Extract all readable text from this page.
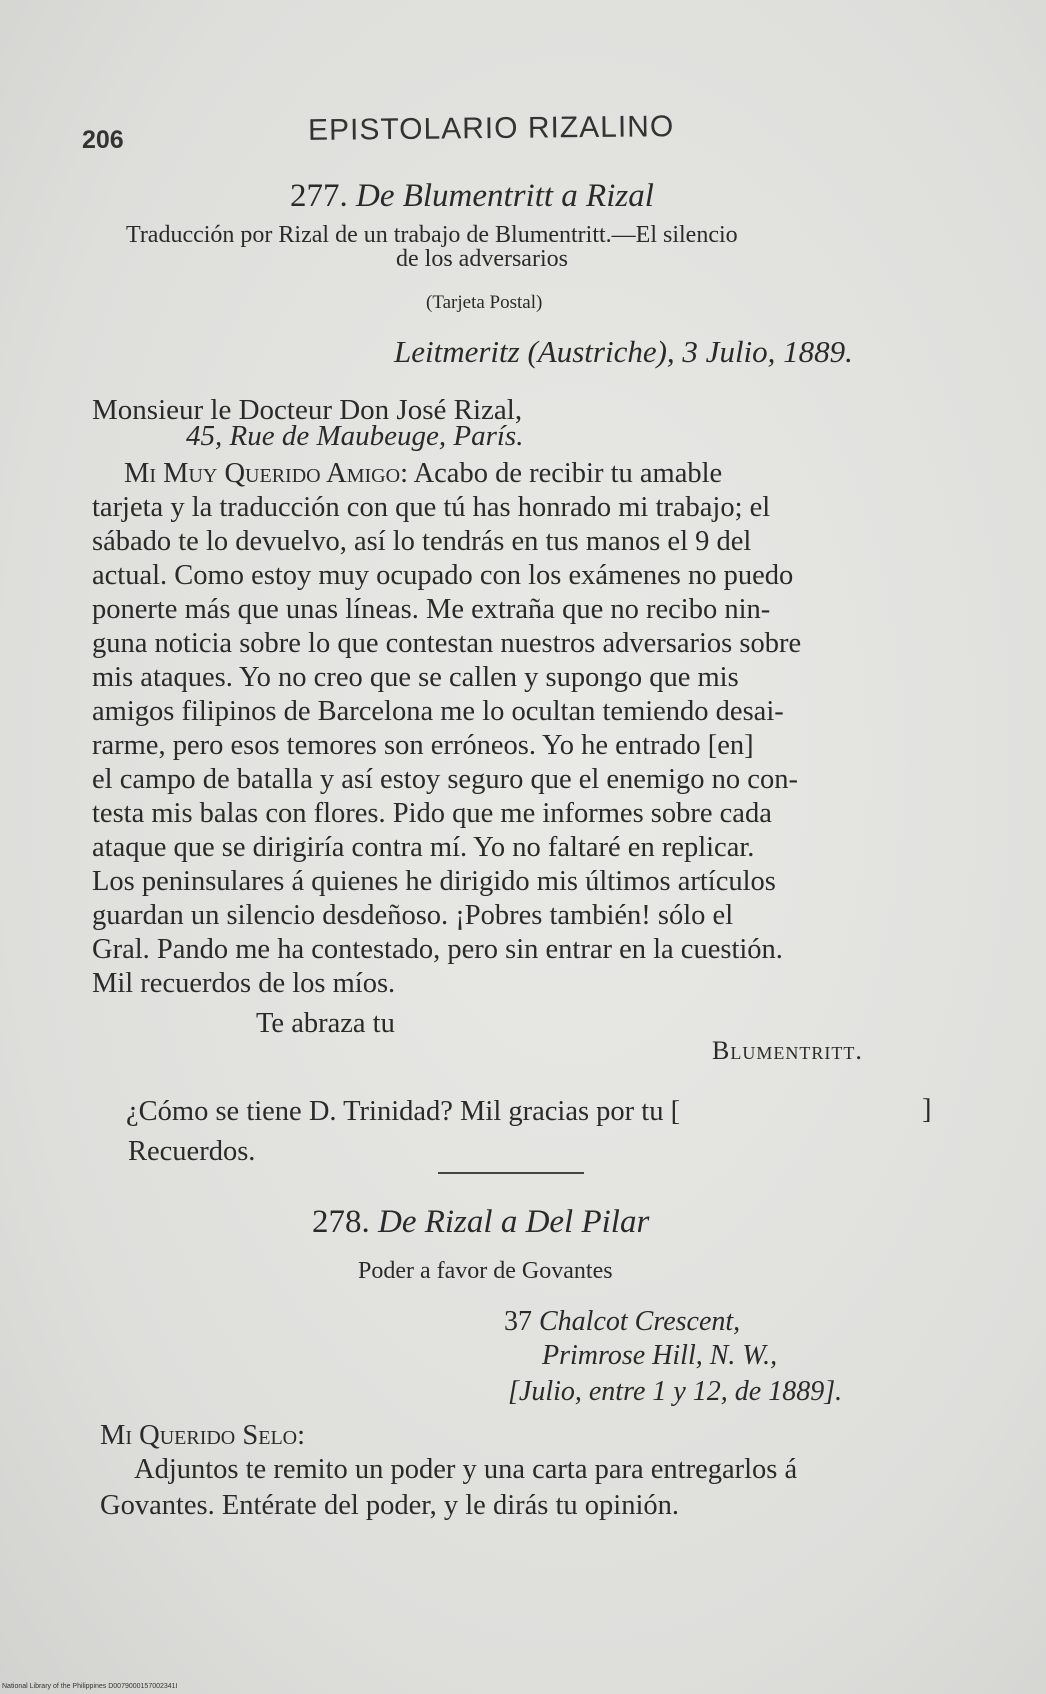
206	EPISTOLARIO RIZALINO
277. De Blumentritt a Rizal
Traducción por Rizal de un trabajo de Blumentritt.—El silencio
de los adversarios
(Tarjeta Postal)
Leitmeritz (Austriche), 3 Julio, 1889.
Monsieur le Docteur Don José Rizal,
45, Rue de Maubeuge, París.
Mi Muy Querido Amigo: Acabo de recibir tu amable
tarjeta y la traducción con que tú has honrado mi trabajo; el
sábado te lo devuelvo, así lo tendrás en tus manos el 9 del
actual. Como estoy muy ocupado con los exámenes no puedo
ponerte más que unas líneas. Me extraña que no recibo nin-
guna noticia sobre lo que contestan nuestros adversarios sobre
mis ataques. Yo no creo que se callen y supongo que mis
amigos filipinos de Barcelona me lo ocultan temiendo desai-
rarme, pero esos temores son erróneos. Yo he entrado [en]
el campo de batalla y así estoy seguro que el enemigo no con-
testa mis balas con flores. Pido que me informes sobre cada
ataque que se dirigiría contra mí. Yo no faltaré en replicar.
Los peninsulares á quienes he dirigido mis últimos artículos
guardan un silencio desdeñoso. ¡Pobres también! sólo el
Gral. Pando me ha contestado, pero sin entrar en la cuestión.
Mil recuerdos de los míos.
Te abraza tu
Blumentritt.
¿Cómo se tiene D. Trinidad? Mil gracias por tu [	]
Recuerdos.
278. De Rizal a Del Pilar
Poder a favor de Govantes
37 Chalcot Crescent,
Primrose Hill, N. W.,
[Julio, entre 1 y 12, de 1889].
Mi Querido Selo:
Adjuntos te remito un poder y una carta para entregarlos á
Govantes. Entérate del poder, y le dirás tu opinión.
National Library of the Philippines D0079000157002341I
